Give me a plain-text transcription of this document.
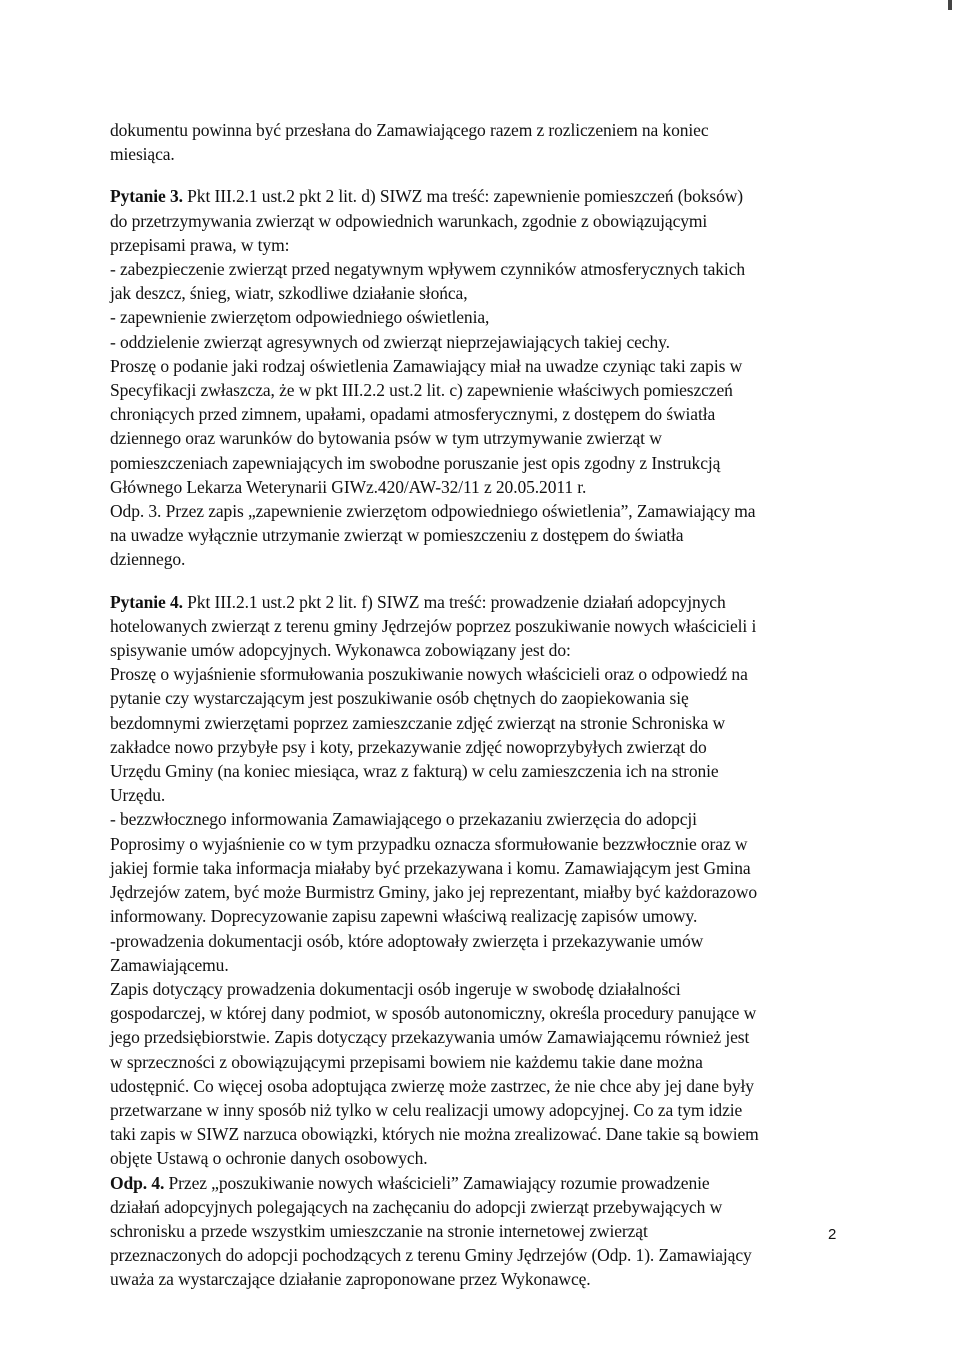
dokumentu powinna być przesłana do Zamawiającego razem z rozliczeniem na koniec
miesiąca.

Pytanie 3. Pkt III.2.1 ust.2 pkt 2 lit. d) SIWZ ma treść: zapewnienie pomieszczeń (boksów)
do przetrzymywania zwierząt w odpowiednich warunkach, zgodnie z obowiązującymi
przepisami prawa, w tym:
- zabezpieczenie zwierząt przed negatywnym wpływem czynników atmosferycznych takich
jak deszcz, śnieg, wiatr, szkodliwe działanie słońca,
- zapewnienie zwierzętom odpowiedniego oświetlenia,
- oddzielenie zwierząt agresywnych od zwierząt nieprzejawiających takiej cechy.
Proszę o podanie jaki rodzaj oświetlenia Zamawiający miał na uwadze czyniąc taki zapis w
Specyfikacji zwłaszcza, że w pkt III.2.2 ust.2 lit. c) zapewnienie właściwych pomieszczeń
chroniących przed zimnem, upałami, opadami atmosferycznymi, z dostępem do światła
dziennego oraz warunków do bytowania psów w tym utrzymywanie zwierząt w
pomieszczeniach zapewniających im swobodne poruszanie jest opis zgodny z Instrukcją
Głównego Lekarza Weterynarii GIWz.420/AW-32/11 z 20.05.2011 r.
Odp. 3. Przez zapis „zapewnienie zwierzętom odpowiedniego oświetlenia”, Zamawiający ma
na uwadze wyłącznie utrzymanie zwierząt w pomieszczeniu z dostępem do światła
dziennego.

Pytanie 4. Pkt III.2.1 ust.2 pkt 2 lit. f) SIWZ ma treść: prowadzenie działań adopcyjnych
hotelowanych zwierząt z terenu gminy Jędrzejów poprzez poszukiwanie nowych właścicieli i
spisywanie umów adopcyjnych. Wykonawca zobowiązany jest do:
Proszę o wyjaśnienie sformułowania poszukiwanie nowych właścicieli oraz o odpowiedź na
pytanie czy wystarczającym jest poszukiwanie osób chętnych do zaopiekowania się
bezdomnymi zwierzętami poprzez zamieszczanie zdjęć zwierząt na stronie Schroniska w
zakładce nowo przybyłe psy i koty, przekazywanie zdjęć nowoprzybyłych zwierząt do
Urzędu Gminy (na koniec miesiąca, wraz z fakturą) w celu zamieszczenia ich na stronie
Urzędu.
- bezzwłocznego informowania Zamawiającego o przekazaniu zwierzęcia do adopcji
Poprosimy o wyjaśnienie co w tym przypadku oznacza sformułowanie bezzwłocznie oraz w
jakiej formie taka informacja miałaby być przekazywana i komu. Zamawiającym jest Gmina
Jędrzejów zatem, być może Burmistrz Gminy, jako jej reprezentant, miałby być każdorazowo
informowany. Doprecyzowanie zapisu zapewni właściwą realizację zapisów umowy.
-prowadzenia dokumentacji osób, które adoptowały zwierzęta i przekazywanie umów
Zamawiającemu.
Zapis dotyczący prowadzenia dokumentacji osób ingeruje w swobodę działalności
gospodarczej, w której dany podmiot, w sposób autonomiczny, określa procedury panujące w
jego przedsiębiorstwie. Zapis dotyczący przekazywania umów Zamawiającemu również jest
w sprzeczności z obowiązującymi przepisami bowiem nie każdemu takie dane można
udostępnić. Co więcej osoba adoptująca zwierzę może zastrzec, że nie chce aby jej dane były
przetwarzane w inny sposób niż tylko w celu realizacji umowy adopcyjnej. Co za tym idzie
taki zapis w SIWZ narzuca obowiązki, których nie można zrealizować. Dane takie są bowiem
objęte Ustawą o ochronie danych osobowych.

Odp. 4. Przez „poszukiwanie nowych właścicieli” Zamawiający rozumie prowadzenie
działań adopcyjnych polegających na zachęcaniu do adopcji zwierząt przebywających w
schronisku a przede wszystkim umieszczanie na stronie internetowej zwierząt
przeznaczonych do adopcji pochodzących z terenu Gminy Jędrzejów (Odp. 1). Zamawiający
uważa za wystarczające działanie zaproponowane przez Wykonawcę.

2
